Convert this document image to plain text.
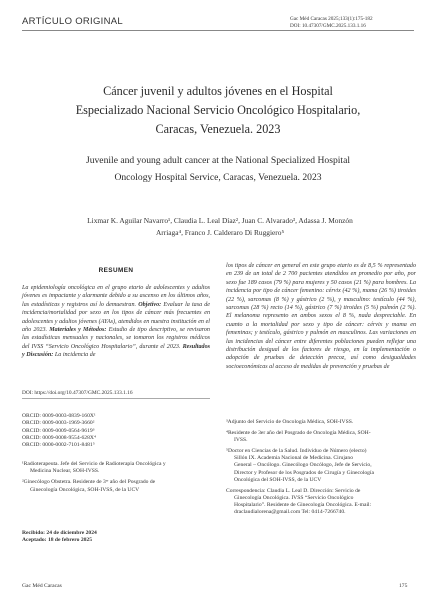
ARTÍCULO ORIGINAL	Gac Méd Caracas 2025;133(1):175-182
DOI: 10.47307/GMC.2025.133.1.16
Cáncer juvenil y adultos jóvenes en el Hospital
Especializado Nacional Servicio Oncológico Hospitalario,
Caracas, Venezuela. 2023
Juvenile and young adult cancer at the National Specialized Hospital
Oncology Hospital Service, Caracas, Venezuela. 2023
Lixmar K. Aguilar Navarro¹, Claudia L. Leal Díaz², Juan C. Alvarado³, Adassa J. Monzón
Arriaga⁴, Franco J. Calderaro Di Ruggiero⁵
RESUMEN

La epidemiología oncológica en el grupo etario de adolescentes y adultos jóvenes es impactante y alarmante debido a su ascenso en los últimos años, las estadísticas y registros así lo demuestran. Objetivo: Evaluar la tasa de incidencia/mortalidad por sexo en los tipos de cáncer más frecuentes en adolescentes y adultos jóvenes (AYAs), atendidos en nuestra institución en el año 2023. Materiales y Métodos: Estudio de tipo descriptivo, se revisaron las estadísticas mensuales y nacionales, se tomaron los registros médicos del IVSS “Servicio Oncológico Hospitalario”, durante el 2023. Resultados y Discusión: La incidencia de

los tipos de cáncer en general en este grupo etario es de 8,5 % representado en 239 de un total de 2 700 pacientes atendidos en promedio por año, por sexo fue 189 casos (79 %) para mujeres y 50 casos (21 %) para hombres. La incidencia por tipo de cáncer femenino: cérvix (42 %), mama (26 %) tiroides (22 %), sarcomas (8 %) y gástrico (2 %), y masculino: testículo (44 %), sarcomas (28 %) recto (14 %), gástrico (7 %) tiroides (5 %) pulmón (2 %). El melanoma represento en ambos sexos el 8 %, nada despreciable. En cuanto a la mortalidad por sexo y tipo de cáncer: cérvix y mama en femeninas; y testículo, gástrico y pulmón en masculinos. Las variaciones en las incidencias del cáncer entre diferentes poblaciones pueden reflejar una distribución desigual de los factores de riesgo, en la implementación o adopción de pruebas de detección precoz, así como desigualdades socioeconómicas al acceso de medidas de prevención y pruebas de

DOI: https://doi.org/10.47307/GMC.2025.133.1.16
ORCID: 0009-0003-0839-160X¹
ORCID: 0009-0003-1969-3660²
ORCID: 0009-0009-0564-9619³
ORCID: 0009-0008-9554-628X⁴
ORCID: 0000-0002-7101-8481⁵
¹Radioterapeuta. Jefe del Servicio de Radioterapia Oncológica y
Medicina Nuclear, SOH-IVSS.
²Ginecólogo Obstetra. Residente de 3ᵉʳ año del Posgrado de
Ginecología Oncológica, SOH-IVSS, de la UCV
Recibido: 24 de diciembre 2024
Aceptado: 18 de febrero 2025
³Adjunto del Servicio de Oncología Médica, SOH-IVSS.
⁴Residente de 3er año del Posgrado de Oncología Médica, SOH-
IVSS.
⁵Doctor en Ciencias de la Salud. Individuo de Número (electo)
Sillón IX. Academia Nacional de Medicina. Cirujano
General – Oncólogo. Ginecólogo Oncólogo, Jefe de Servicio,
Director y Profesor de los Posgrados de Cirugía y Ginecología
Oncológica del SOH-IVSS, de la UCV
Correspondencia: Claudia L. Leal D. Dirección: Servicio de
Ginecología Oncológica. IVSS “Servicio Oncológico
Hospitalario”. Residente de Ginecología Oncológica. E-mail:
draclaudialorena@gmail.com Tel: 0414-7266740.
Gac Méd Caracas	175
